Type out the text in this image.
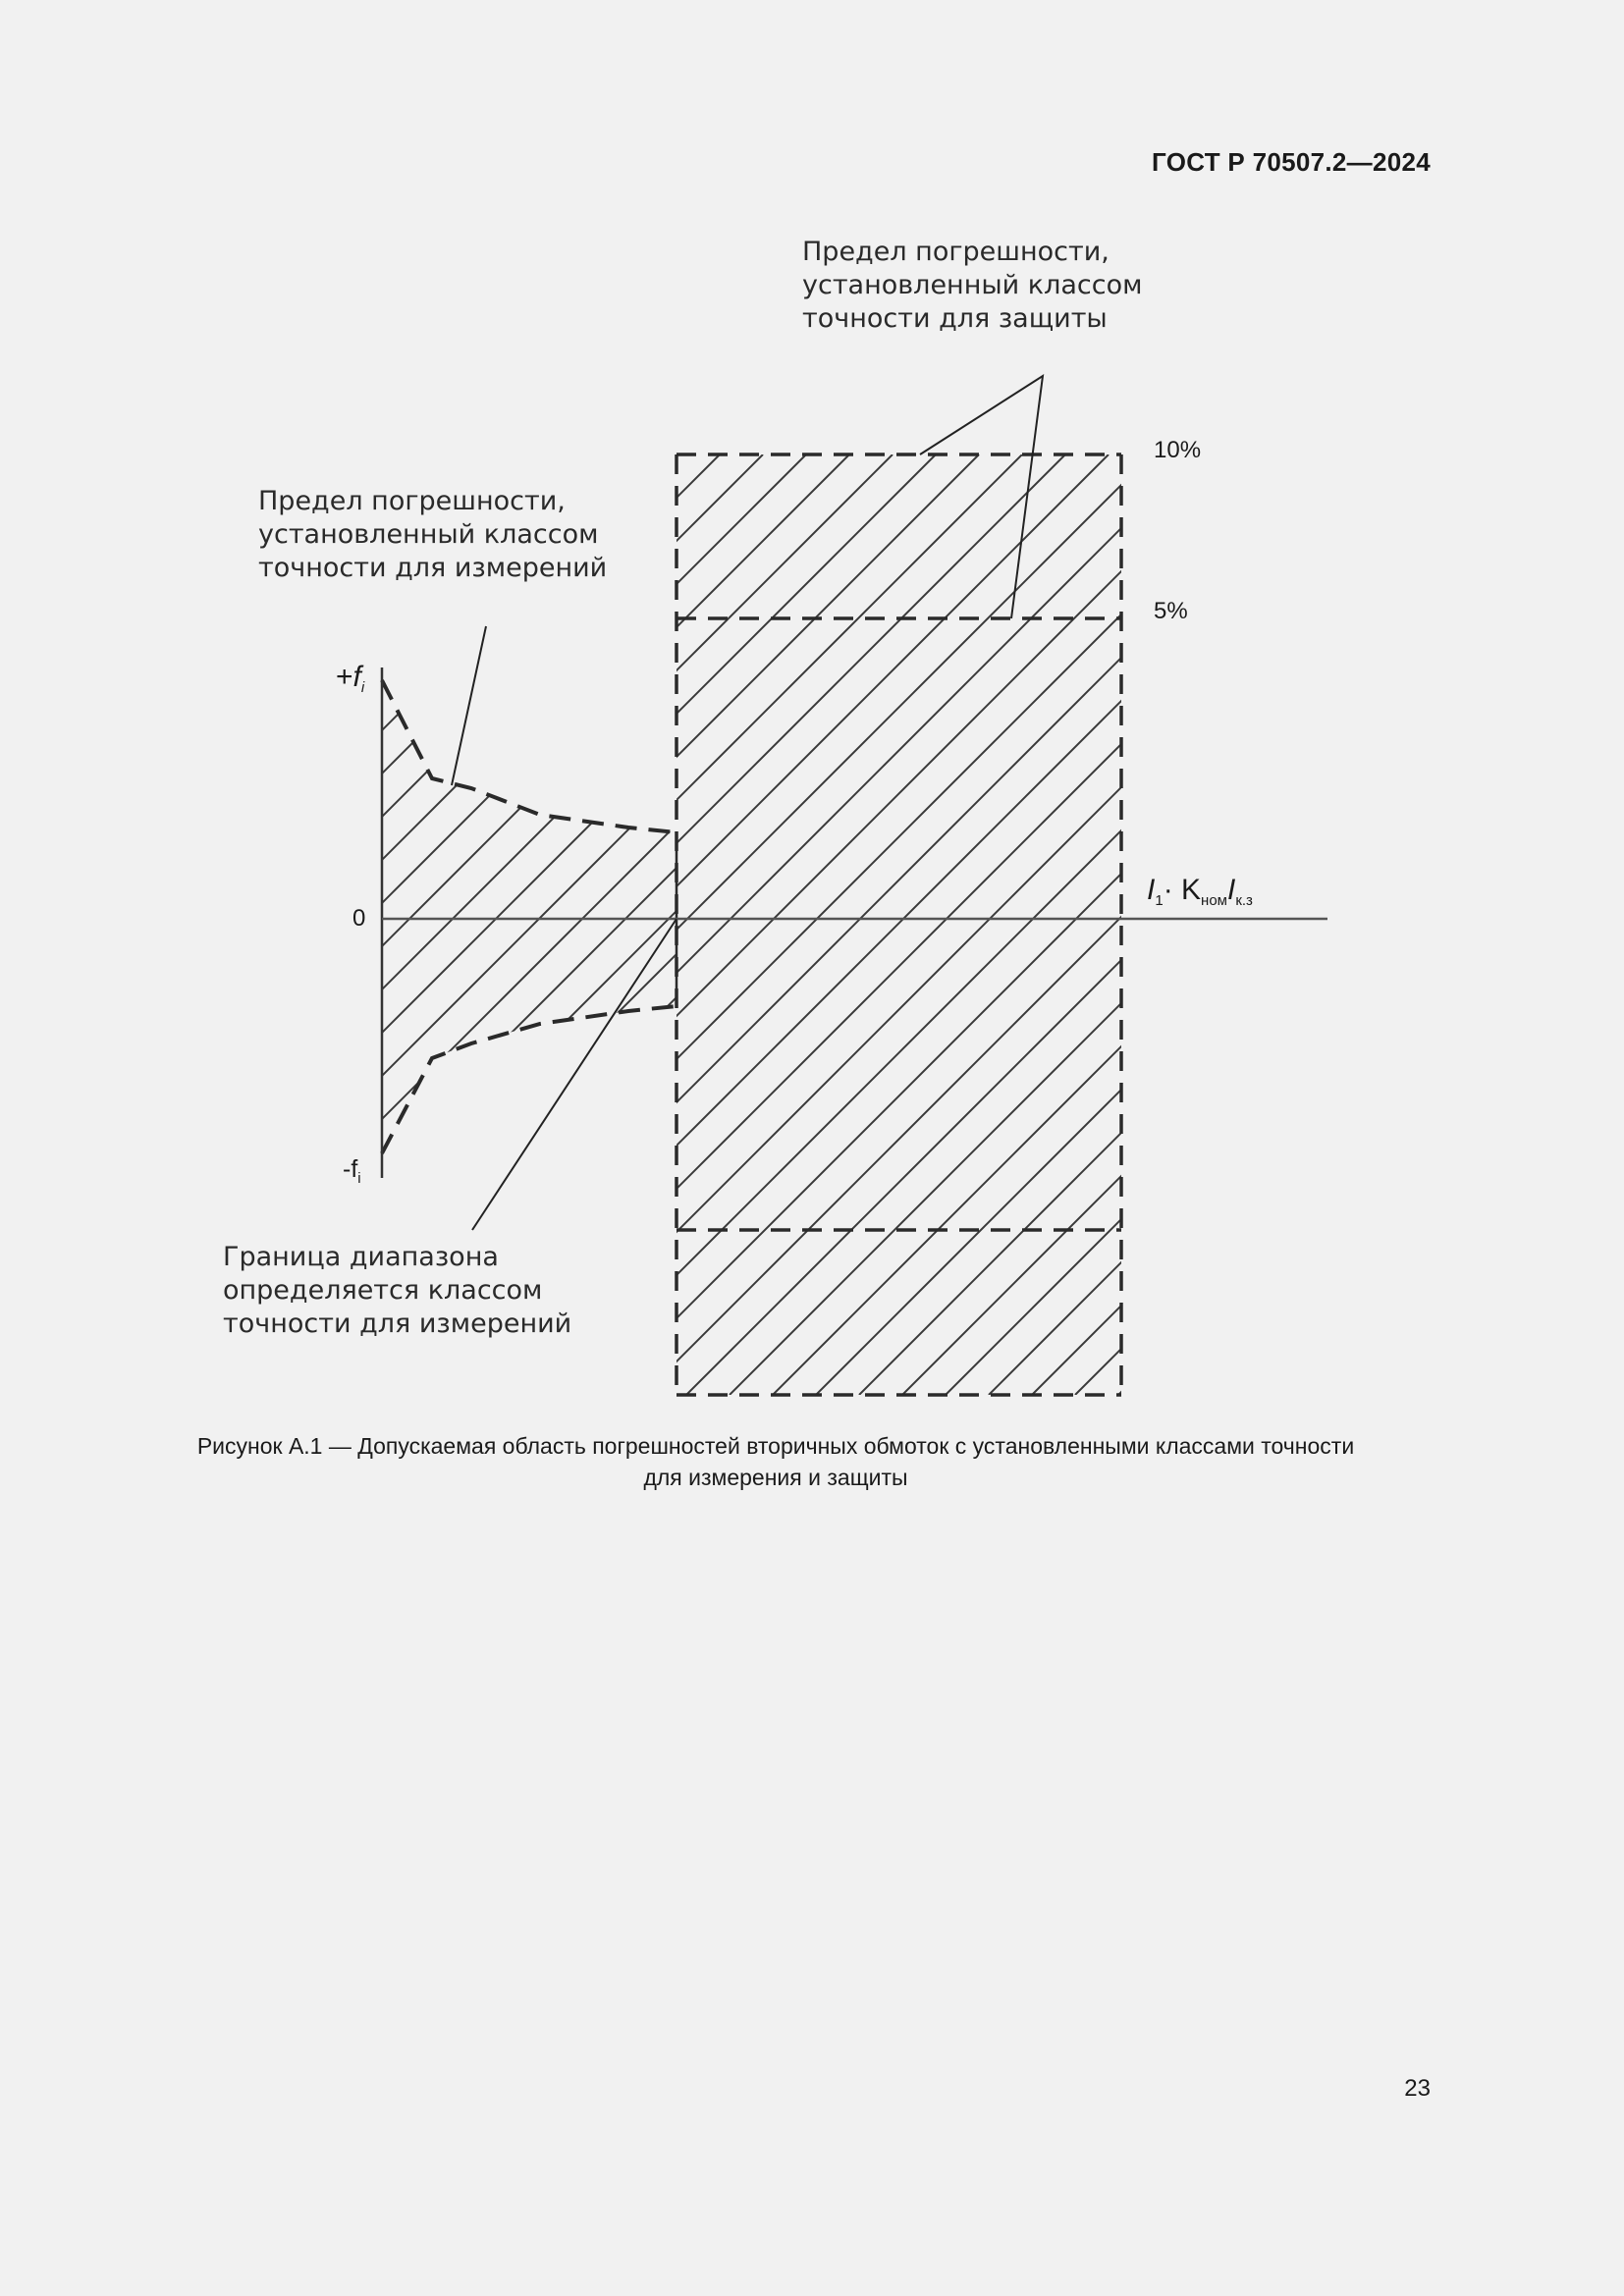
ГОСТ Р 70507.2—2024
Предел погрешности,
установленный классом
точности для защиты
Предел погрешности,
установленный классом
точности для измерений
Граница диапазона
определяется классом
точности для измерений
10%
5%
$+f_i$
$-f_i$
0
$I_1\cdot K_{ном}I_{к.з}$
Рисунок А.1 — Допускаемая область погрешностей вторичных обмоток с установленными классами точности
для измерения и защиты
23
